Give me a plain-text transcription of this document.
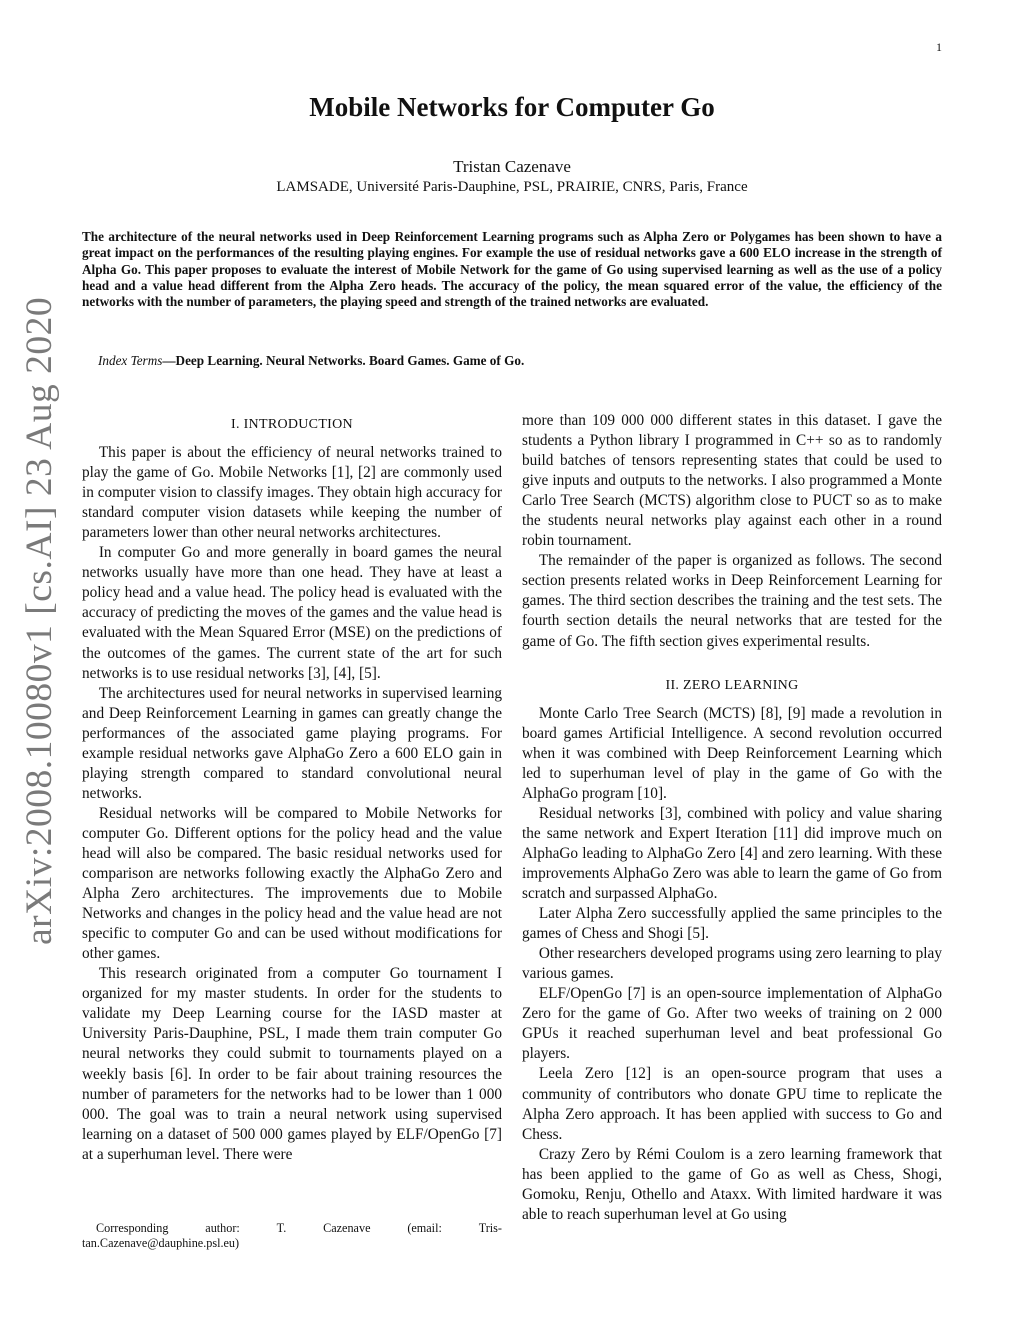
1
arXiv:2008.10080v1 [cs.AI] 23 Aug 2020
Mobile Networks for Computer Go
Tristan Cazenave
LAMSADE, Université Paris-Dauphine, PSL, PRAIRIE, CNRS, Paris, France
The architecture of the neural networks used in Deep Reinforcement Learning programs such as Alpha Zero or Polygames has been shown to have a great impact on the performances of the resulting playing engines. For example the use of residual networks gave a 600 ELO increase in the strength of Alpha Go. This paper proposes to evaluate the interest of Mobile Network for the game of Go using supervised learning as well as the use of a policy head and a value head different from the Alpha Zero heads. The accuracy of the policy, the mean squared error of the value, the efficiency of the networks with the number of parameters, the playing speed and strength of the trained networks are evaluated.
Index Terms—Deep Learning. Neural Networks. Board Games. Game of Go.
I. INTRODUCTION

This paper is about the efficiency of neural networks trained to play the game of Go. Mobile Networks [1], [2] are commonly used in computer vision to classify images. They obtain high accuracy for standard computer vision datasets while keeping the number of parameters lower than other neural networks architectures.

In computer Go and more generally in board games the neural networks usually have more than one head. They have at least a policy head and a value head. The policy head is evaluated with the accuracy of predicting the moves of the games and the value head is evaluated with the Mean Squared Error (MSE) on the predictions of the outcomes of the games. The current state of the art for such networks is to use residual networks [3], [4], [5].

The architectures used for neural networks in supervised learning and Deep Reinforcement Learning in games can greatly change the performances of the associated game playing programs. For example residual networks gave AlphaGo Zero a 600 ELO gain in playing strength compared to standard convolutional neural networks.

Residual networks will be compared to Mobile Networks for computer Go. Different options for the policy head and the value head will also be compared. The basic residual networks used for comparison are networks following exactly the AlphaGo Zero and Alpha Zero architectures. The improvements due to Mobile Networks and changes in the policy head and the value head are not specific to computer Go and can be used without modifications for other games.

This research originated from a computer Go tournament I organized for my master students. In order for the students to validate my Deep Learning course for the IASD master at University Paris-Dauphine, PSL, I made them train computer Go neural networks they could submit to tournaments played on a weekly basis [6]. In order to be fair about training resources the number of parameters for the networks had to be lower than 1 000 000. The goal was to train a neural network using supervised learning on a dataset of 500 000 games played by ELF/OpenGo [7] at a superhuman level. There were

more than 109 000 000 different states in this dataset. I gave the students a Python library I programmed in C++ so as to randomly build batches of tensors representing states that could be used to give inputs and outputs to the networks. I also programmed a Monte Carlo Tree Search (MCTS) algorithm close to PUCT so as to make the students neural networks play against each other in a round robin tournament.

The remainder of the paper is organized as follows. The second section presents related works in Deep Reinforcement Learning for games. The third section describes the training and the test sets. The fourth section details the neural networks that are tested for the game of Go. The fifth section gives experimental results.

II. ZERO LEARNING

Monte Carlo Tree Search (MCTS) [8], [9] made a revolution in board games Artificial Intelligence. A second revolution occurred when it was combined with Deep Reinforcement Learning which led to superhuman level of play in the game of Go with the AlphaGo program [10].

Residual networks [3], combined with policy and value sharing the same network and Expert Iteration [11] did improve much on AlphaGo leading to AlphaGo Zero [4] and zero learning. With these improvements AlphaGo Zero was able to learn the game of Go from scratch and surpassed AlphaGo.

Later Alpha Zero successfully applied the same principles to the games of Chess and Shogi [5].

Other researchers developed programs using zero learning to play various games.

ELF/OpenGo [7] is an open-source implementation of AlphaGo Zero for the game of Go. After two weeks of training on 2 000 GPUs it reached superhuman level and beat professional Go players.

Leela Zero [12] is an open-source program that uses a community of contributors who donate GPU time to replicate the Alpha Zero approach. It has been applied with success to Go and Chess.

Crazy Zero by Rémi Coulom is a zero learning framework that has been applied to the game of Go as well as Chess, Shogi, Gomoku, Renju, Othello and Ataxx. With limited hardware it was able to reach superhuman level at Go using

Corresponding	author:	T.	Cazenave	(email:	Tris-
tan.Cazenave@dauphine.psl.eu)
